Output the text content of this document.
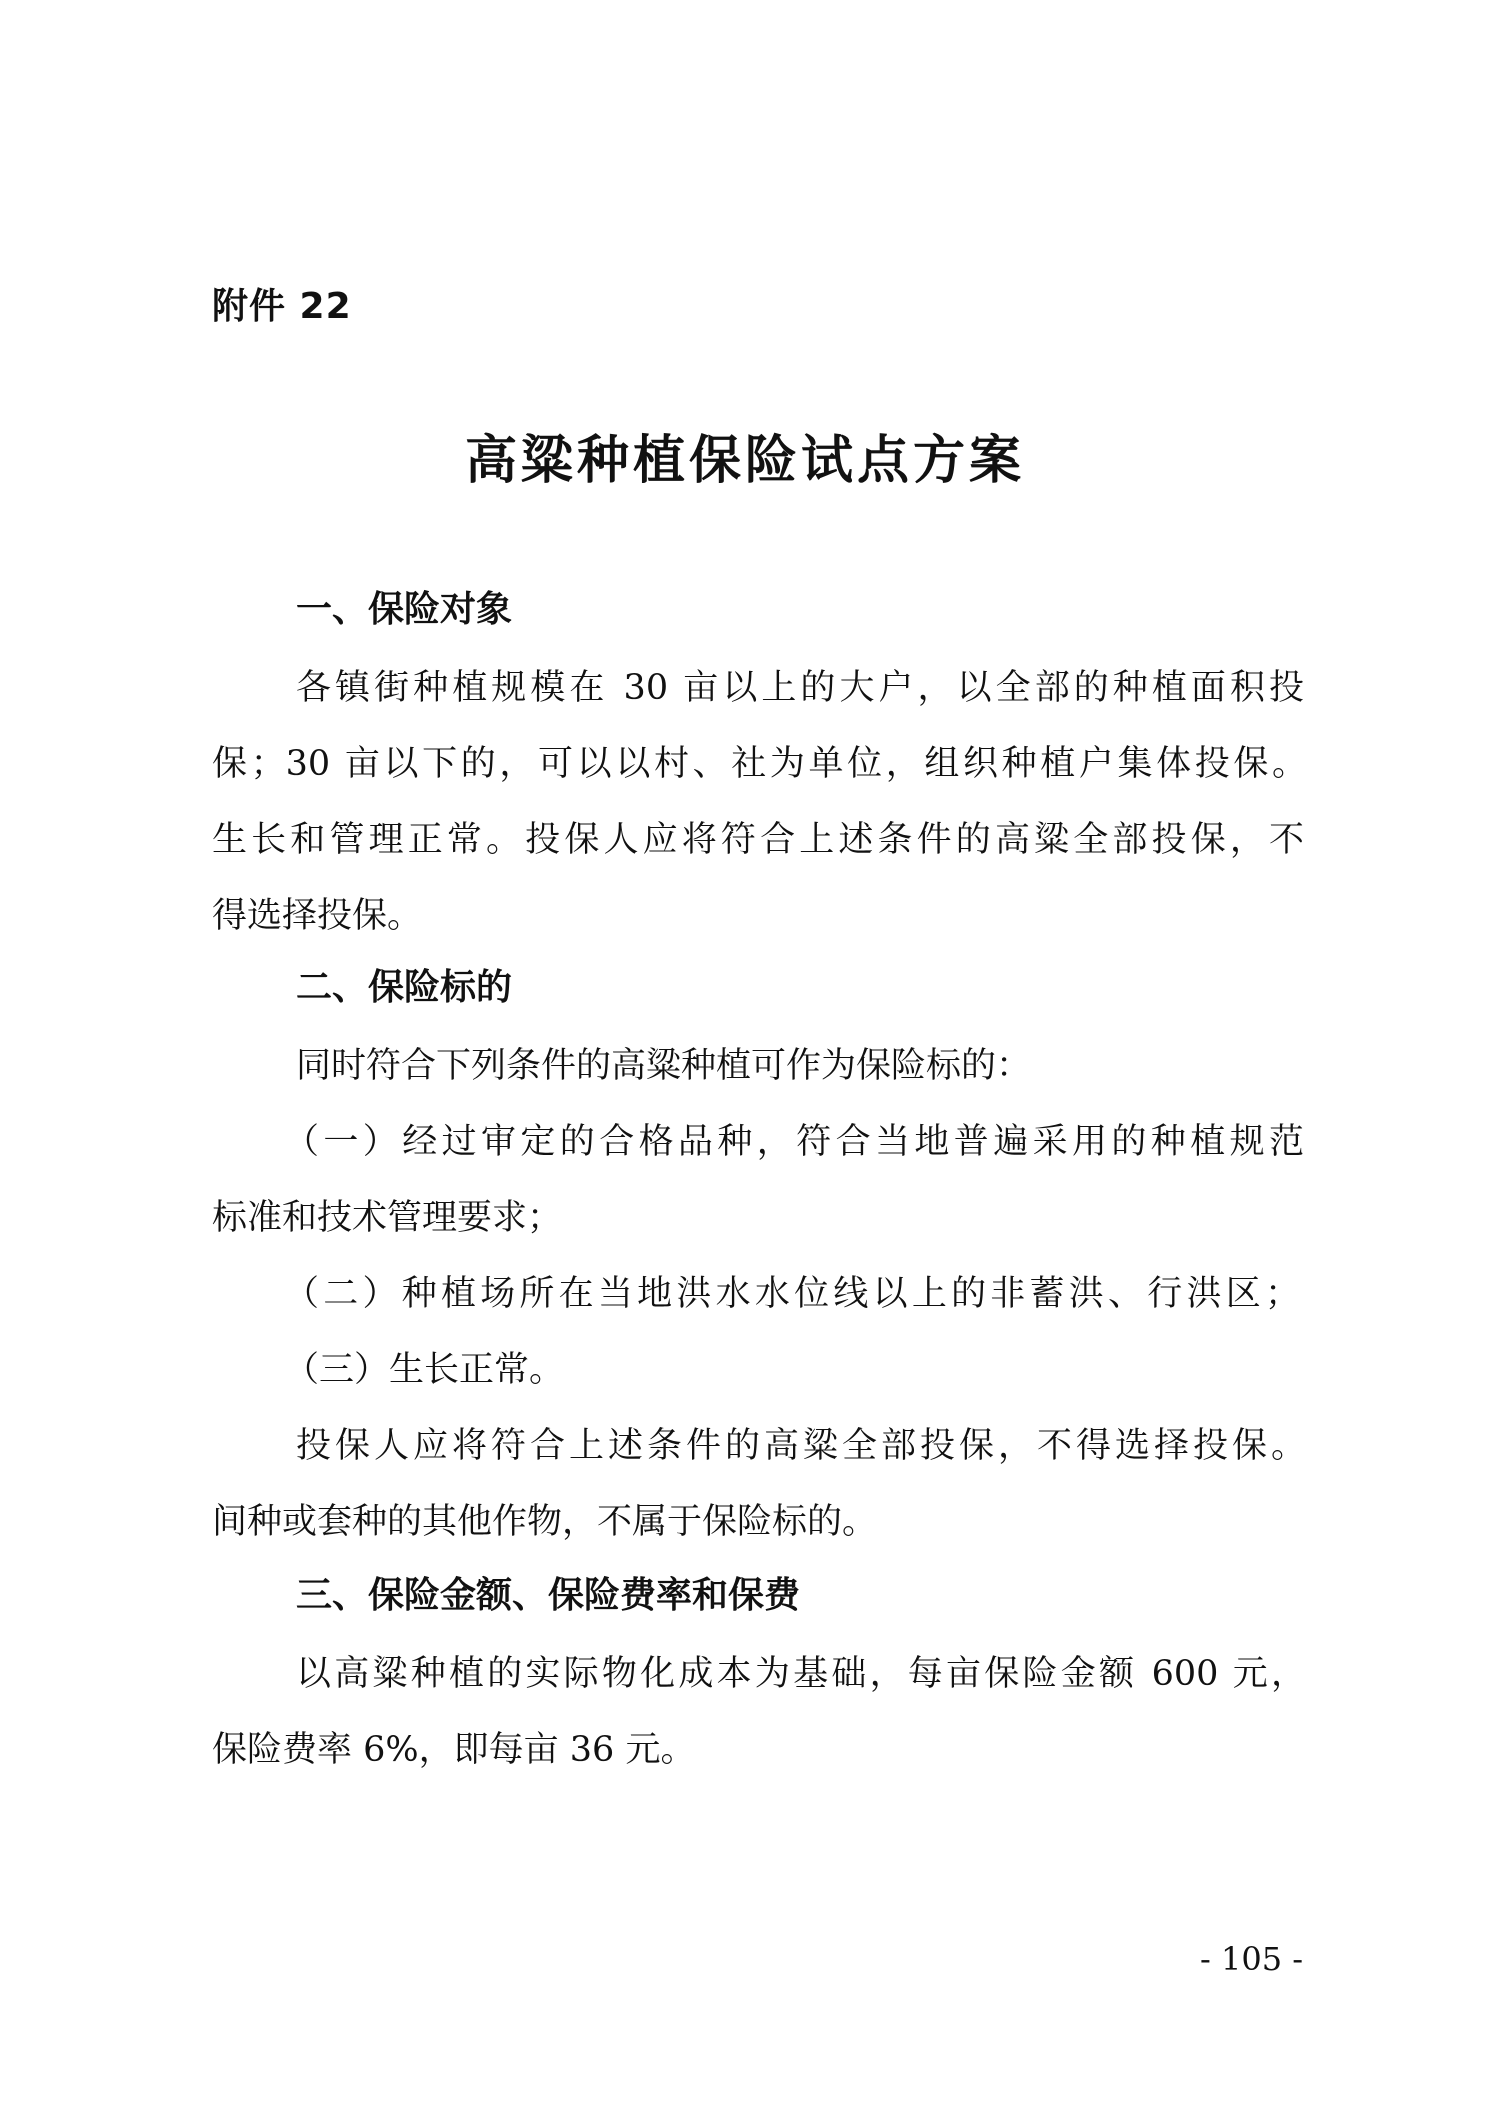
附件 22
高粱种植保险试点方案
一、保险对象
各镇街种植规模在 30 亩以上的大户，以全部的种植面积投
保；30 亩以下的，可以以村、社为单位，组织种植户集体投保。
生长和管理正常。投保人应将符合上述条件的高粱全部投保，不
得选择投保。
二、保险标的
同时符合下列条件的高粱种植可作为保险标的：
（一）经过审定的合格品种，符合当地普遍采用的种植规范
标准和技术管理要求；
（二）种植场所在当地洪水水位线以上的非蓄洪、行洪区；
（三）生长正常。
投保人应将符合上述条件的高粱全部投保，不得选择投保。
间种或套种的其他作物，不属于保险标的。
三、保险金额、保险费率和保费
以高粱种植的实际物化成本为基础，每亩保险金额 600 元，
保险费率 6%，即每亩 36 元。
- 105 -
